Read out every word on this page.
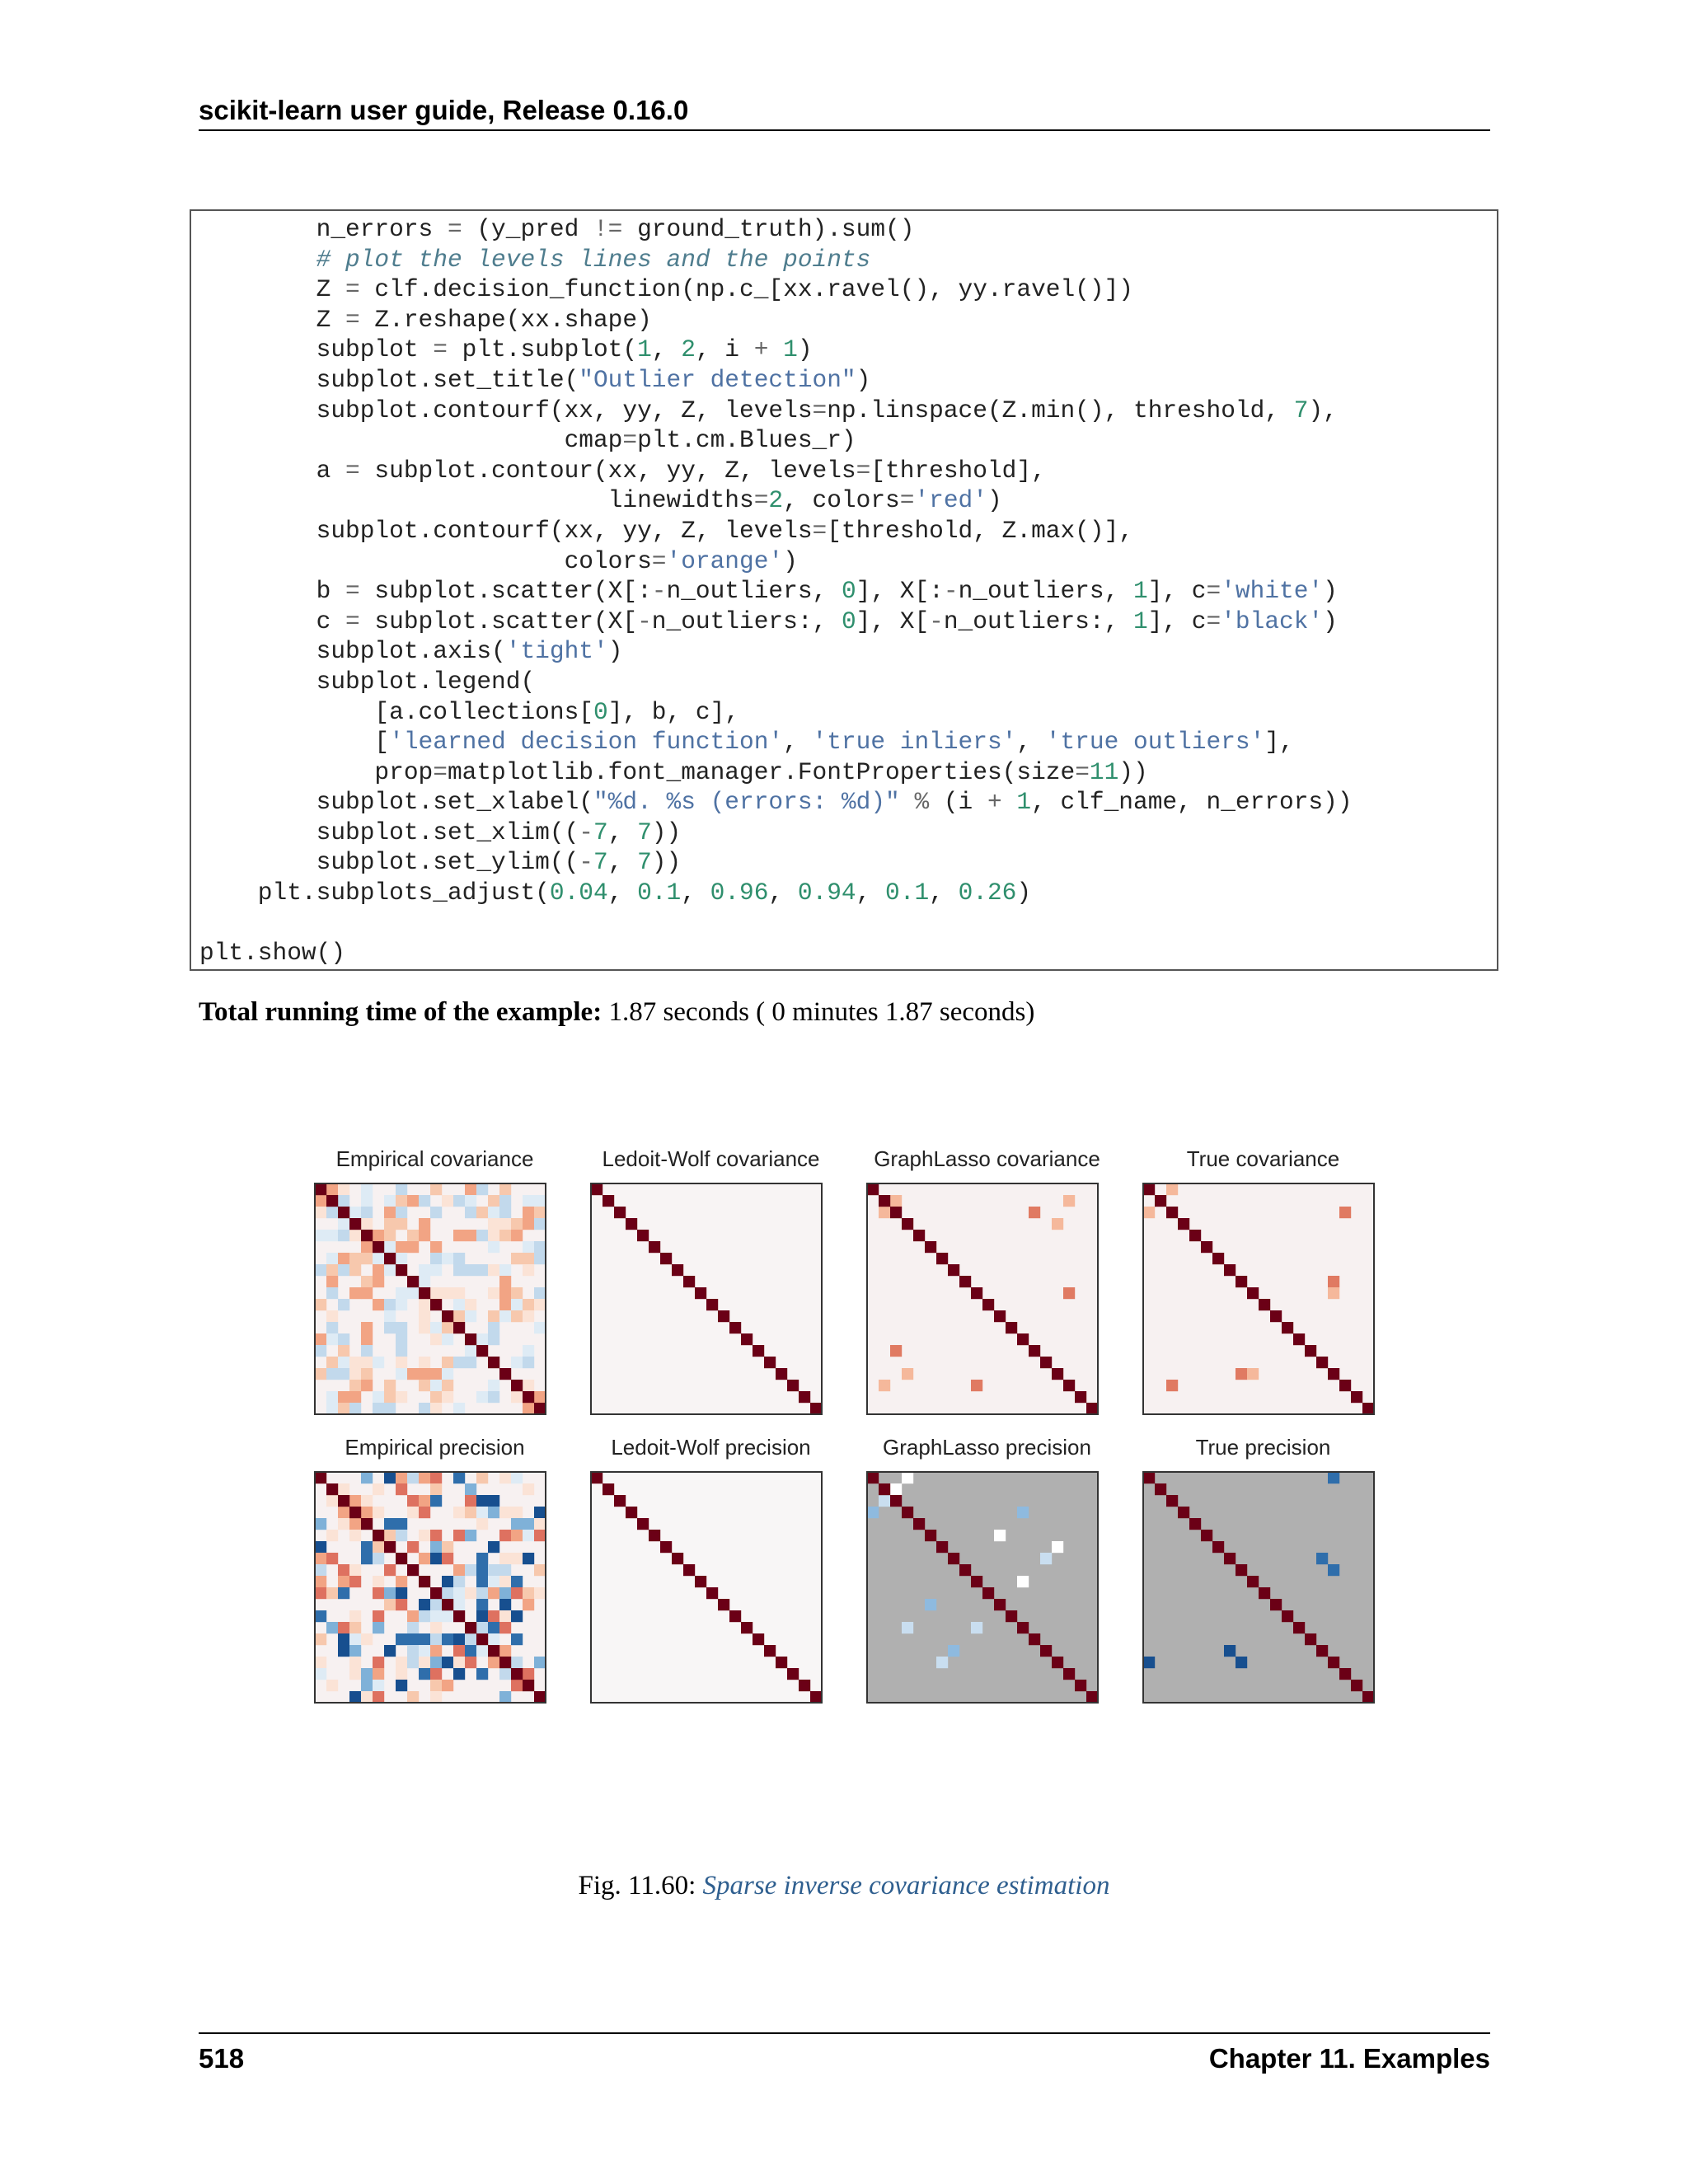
scikit-learn user guide, Release 0.16.0
n_errors = (y_pred != ground_truth).sum()
# plot the levels lines and the points
Z = clf.decision_function(np.c_[xx.ravel(), yy.ravel()])
Z = Z.reshape(xx.shape)
subplot = plt.subplot(1, 2, i + 1)
subplot.set_title("Outlier detection")
subplot.contourf(xx, yy, Z, levels=np.linspace(Z.min(), threshold, 7),
cmap=plt.cm.Blues_r)
a = subplot.contour(xx, yy, Z, levels=[threshold],
linewidths=2, colors='red')
subplot.contourf(xx, yy, Z, levels=[threshold, Z.max()],
colors='orange')
b = subplot.scatter(X[:-n_outliers, 0], X[:-n_outliers, 1], c='white')
c = subplot.scatter(X[-n_outliers:, 0], X[-n_outliers:, 1], c='black')
subplot.axis('tight')
subplot.legend(
[a.collections[0], b, c],
['learned decision function', 'true inliers', 'true outliers'],
prop=matplotlib.font_manager.FontProperties(size=11))
subplot.set_xlabel("%d. %s (errors: %d)" % (i + 1, clf_name, n_errors))
subplot.set_xlim((-7, 7))
subplot.set_ylim((-7, 7))
plt.subplots_adjust(0.04, 0.1, 0.96, 0.94, 0.1, 0.26)

plt.show()
Total running time of the example: 1.87 seconds ( 0 minutes 1.87 seconds)
Empirical covariance	Ledoit-Wolf covariance	GraphLasso covariance	True covariance
Empirical precision	Ledoit-Wolf precision	GraphLasso precision	True precision
Fig. 11.60: Sparse inverse covariance estimation
518	Chapter 11. Examples
